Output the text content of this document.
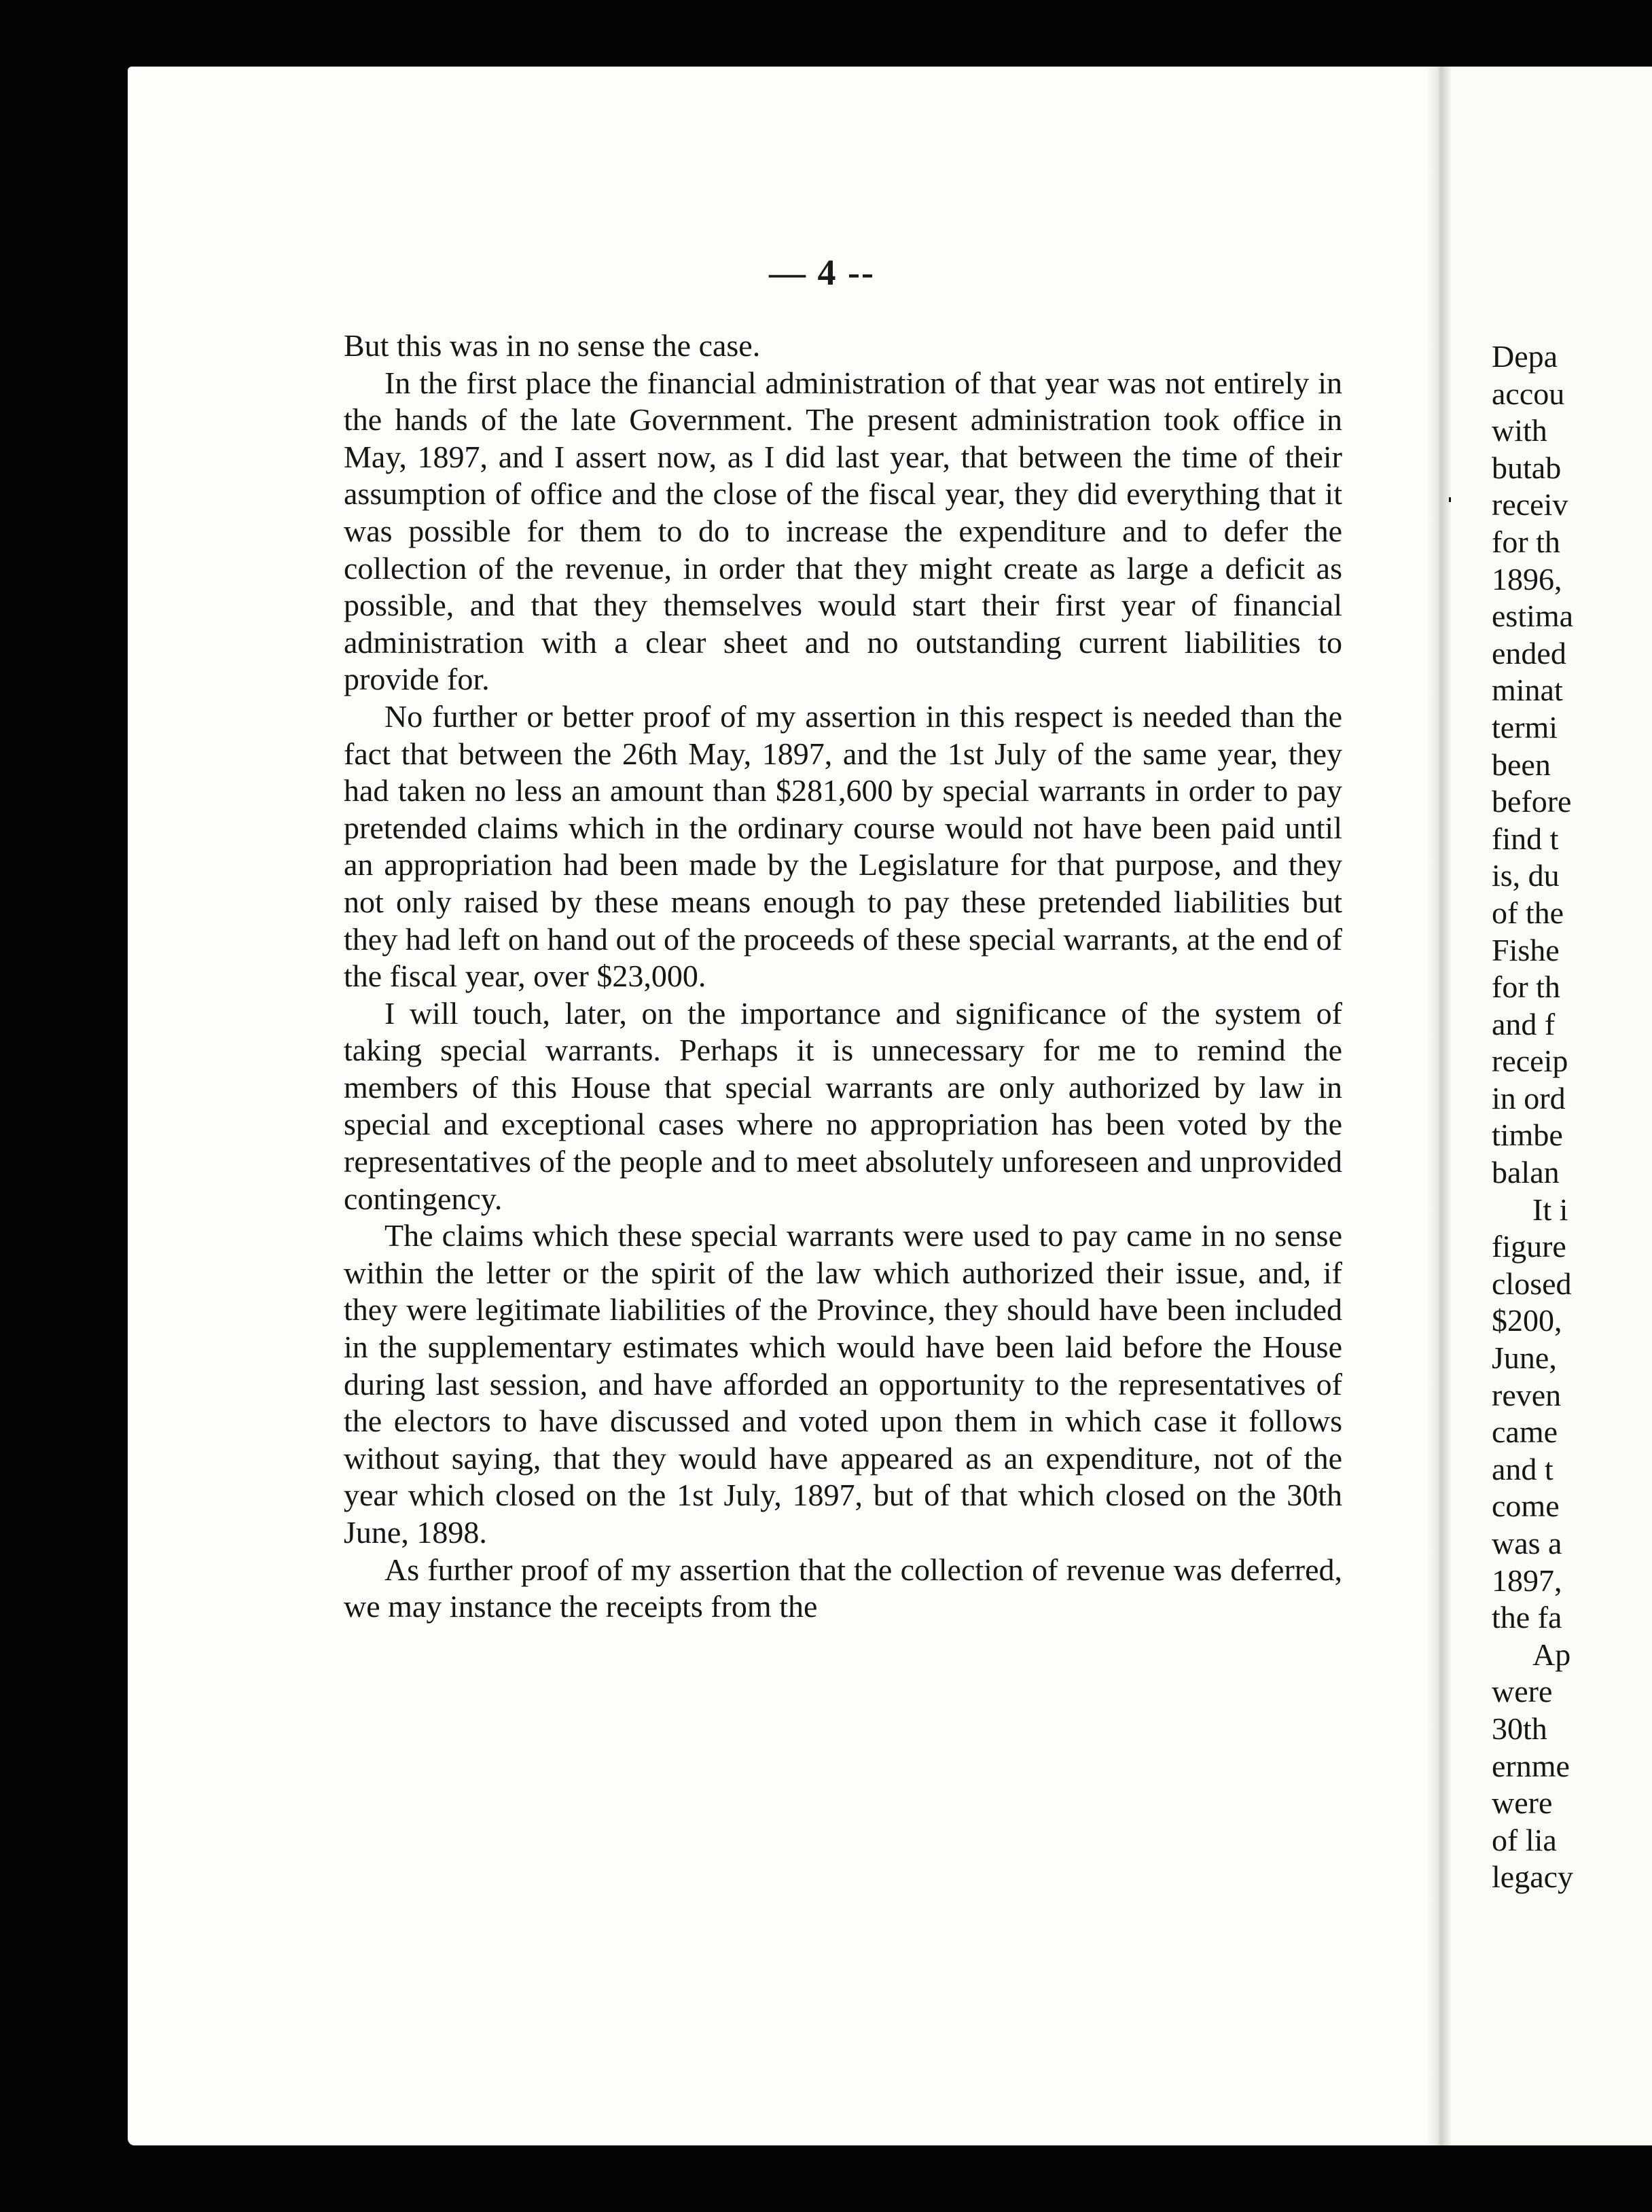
— 4 --

But this was in no sense the case.

In the first place the financial administration of that year was not entirely in the hands of the late Government. The present administration took office in May, 1897, and I assert now, as I did last year, that between the time of their assumption of office and the close of the fiscal year, they did everything that it was possible for them to do to increase the expenditure and to defer the collection of the revenue, in order that they might create as large a deficit as possible, and that they themselves would start their first year of financial administration with a clear sheet and no outstanding current liabilities to provide for.

No further or better proof of my assertion in this respect is needed than the fact that between the 26th May, 1897, and the 1st July of the same year, they had taken no less an amount than $281,600 by special warrants in order to pay pretended claims which in the ordinary course would not have been paid until an appropriation had been made by the Legislature for that purpose, and they not only raised by these means enough to pay these pretended liabilities but they had left on hand out of the proceeds of these special warrants, at the end of the fiscal year, over $23,000.

I will touch, later, on the importance and significance of the system of taking special warrants. Perhaps it is unnecessary for me to remind the members of this House that special warrants are only authorized by law in special and exceptional cases where no appropriation has been voted by the representatives of the people and to meet absolutely unforeseen and unprovided contingency.

The claims which these special warrants were used to pay came in no sense within the letter or the spirit of the law which authorized their issue, and, if they were legitimate liabilities of the Province, they should have been included in the supplementary estimates which would have been laid before the House during last session, and have afforded an opportunity to the representatives of the electors to have discussed and voted upon them in which case it follows without saying, that they would have appeared as an expenditure, not of the year which closed on the 1st July, 1897, but of that which closed on the 30th June, 1898.

As further proof of my assertion that the collection of revenue was deferred, we may instance the receipts from the

Depa
accou
with
butab
receiv
for th
1896,
estima
ended
minat
termi
been
before
find t
is, du
of the
Fishe
for th
and f
receip
in ord
timbe
balan
It i
figure
closed
$200,
June,
reven
came
and t
come
was a
1897,
the fa
Ap
were
30th
ernme
were
of lia
legacy
